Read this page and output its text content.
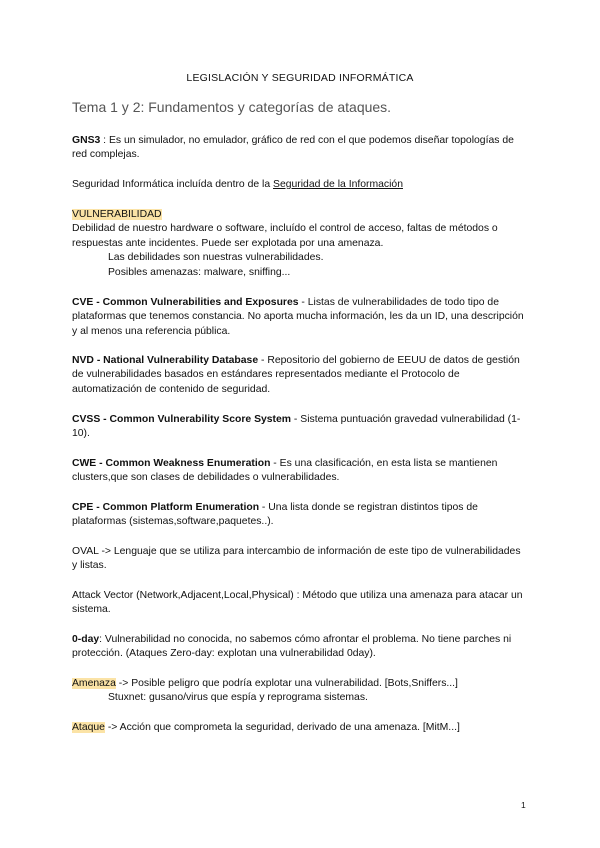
LEGISLACIÓN Y SEGURIDAD INFORMÁTICA
Tema 1 y 2: Fundamentos y categorías de ataques.

GNS3 : Es un simulador, no emulador, gráfico de red con el que podemos diseñar topologías de red complejas.

Seguridad Informática incluída dentro de la Seguridad de la Información

VULNERABILIDAD

Debilidad de nuestro hardware o software, incluído el control de acceso, faltas de métodos o respuestas ante incidentes. Puede ser explotada por una amenaza.

Las debilidades son nuestras vulnerabilidades.

Posibles amenazas: malware, sniffing...

CVE - Common Vulnerabilities and Exposures - Listas de vulnerabilidades de todo tipo de plataformas que tenemos constancia. No aporta mucha información, les da un ID, una descripción y al menos una referencia pública.

NVD - National Vulnerability Database - Repositorio del gobierno de EEUU de datos de gestión de vulnerabilidades basados en estándares representados mediante el Protocolo de automatización de contenido de seguridad.

CVSS - Common Vulnerability Score System - Sistema puntuación gravedad vulnerabilidad (1-10).

CWE - Common Weakness Enumeration - Es una clasificación, en esta lista se mantienen clusters,que son clases de debilidades o vulnerabilidades.

CPE - Common Platform Enumeration - Una lista donde se registran distintos tipos de plataformas (sistemas,software,paquetes..).

OVAL -> Lenguaje que se utiliza para intercambio de información de este tipo de vulnerabilidades y listas.

Attack Vector (Network,Adjacent,Local,Physical) : Método que utiliza una amenaza para atacar un sistema.

0-day: Vulnerabilidad no conocida, no sabemos cómo afrontar el problema. No tiene parches ni protección. (Ataques Zero-day: explotan una vulnerabilidad 0day).

Amenaza -> Posible peligro que podría explotar una vulnerabilidad. [Bots,Sniffers...]

Stuxnet: gusano/virus que espía y reprograma sistemas.

Ataque -> Acción que comprometa la seguridad, derivado de una amenaza. [MitM...]

1
